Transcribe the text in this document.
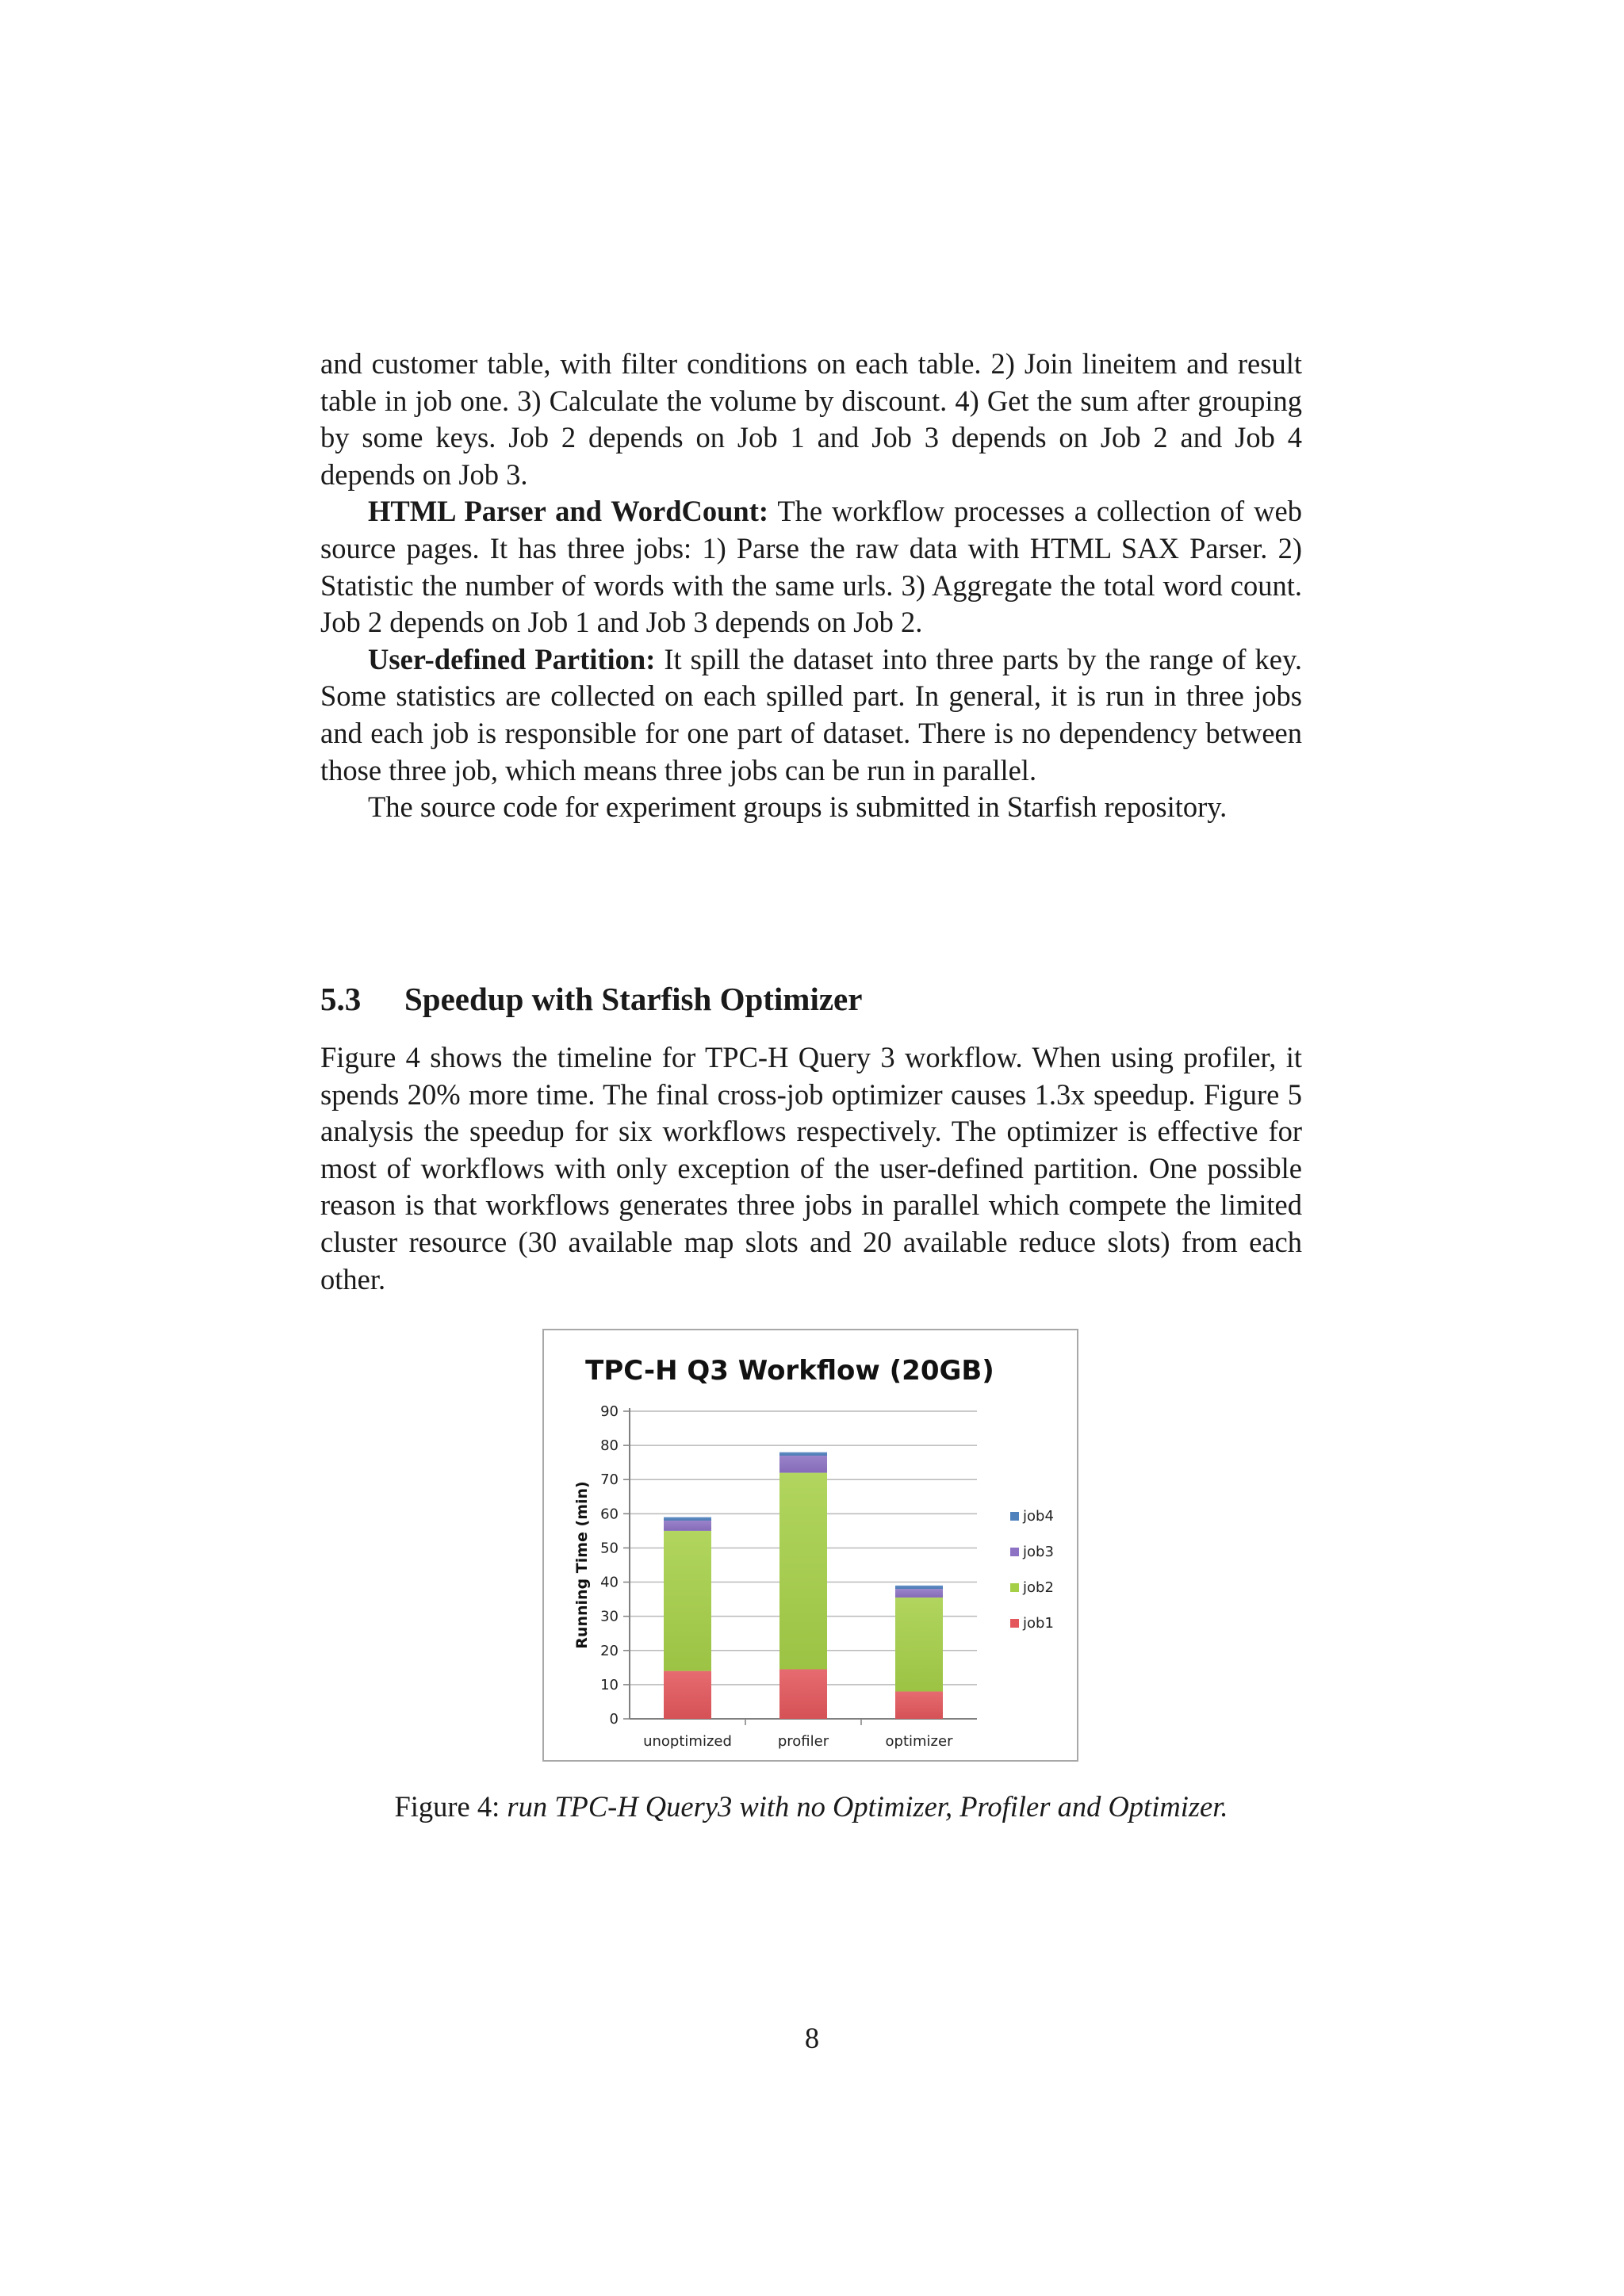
and customer table, with filter conditions on each table. 2) Join lineitem and result table in job one. 3) Calculate the volume by discount. 4) Get the sum after grouping by some keys. Job 2 depends on Job 1 and Job 3 depends on Job 2 and Job 4 depends on Job 3.

HTML Parser and WordCount: The workflow processes a collection of web source pages. It has three jobs: 1) Parse the raw data with HTML SAX Parser. 2) Statistic the number of words with the same urls. 3) Aggregate the total word count. Job 2 depends on Job 1 and Job 3 depends on Job 2.

User-defined Partition: It spill the dataset into three parts by the range of key. Some statistics are collected on each spilled part. In general, it is run in three jobs and each job is responsible for one part of dataset. There is no dependency between those three job, which means three jobs can be run in parallel.

The source code for experiment groups is submitted in Starfish repository.

5.3 Speedup with Starfish Optimizer

Figure 4 shows the timeline for TPC-H Query 3 workflow. When using profiler, it spends 20% more time. The final cross-job optimizer causes 1.3x speedup. Figure 5 analysis the speedup for six workflows respectively. The optimizer is effective for most of workflows with only exception of the user-defined partition. One possible reason is that workflows generates three jobs in parallel which compete the limited cluster resource (30 available map slots and 20 available reduce slots) from each other.

TPC-H Q3 Workflow (20GB)
0
10
20
30
40
50
60
70
80
90
Running Time (min)
unoptimized	profiler	optimizer
job4
job3
job2
job1

Figure 4: run TPC-H Query3 with no Optimizer, Profiler and Optimizer.

8
